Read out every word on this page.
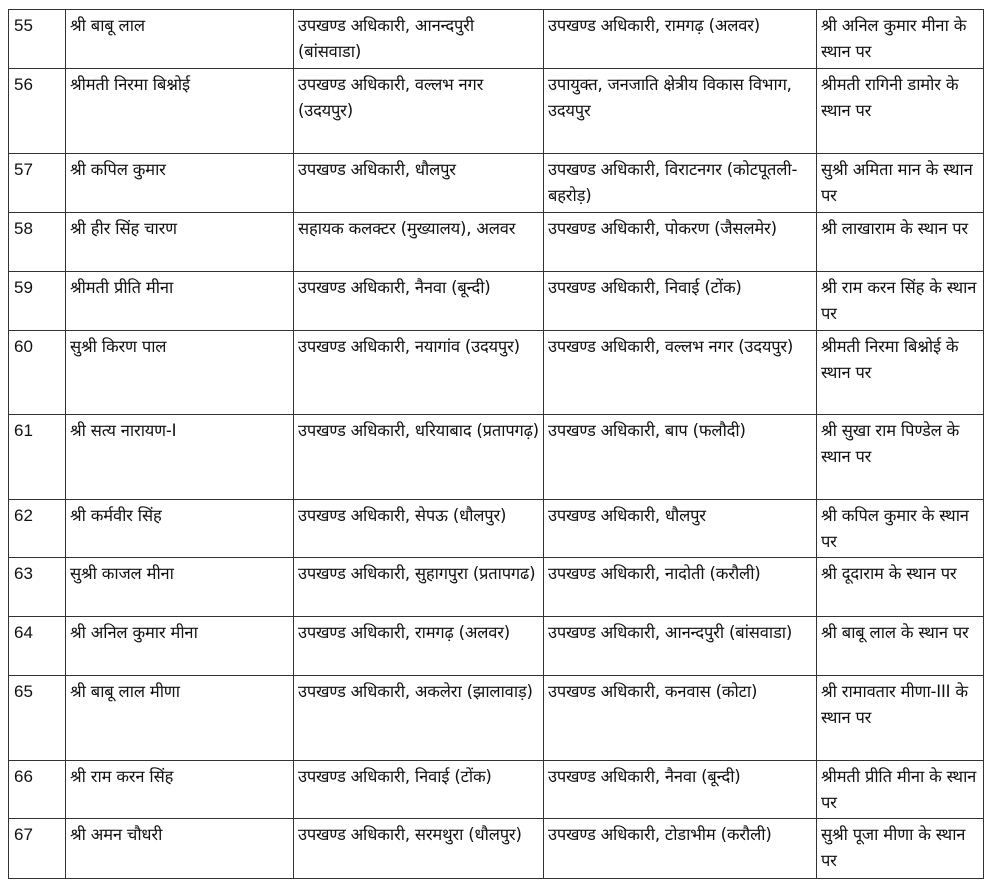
55	श्री बाबू लाल	उपखण्ड अधिकारी, आनन्दपुरी (बांसवाडा)	उपखण्ड अधिकारी, रामगढ़ (अलवर)	श्री अनिल कुमार मीना के स्थान पर
56	श्रीमती निरमा बिश्नोई	उपखण्ड अधिकारी, वल्लभ नगर (उदयपुर)	उपायुक्त, जनजाति क्षेत्रीय विकास विभाग, उदयपुर	श्रीमती रागिनी डामोर के स्थान पर
57	श्री कपिल कुमार	उपखण्ड अधिकारी, धौलपुर	उपखण्ड अधिकारी, विराटनगर (कोटपूतली-बहरोड़)	सुश्री अमिता मान के स्थान पर
58	श्री हीर सिंह चारण	सहायक कलक्टर (मुख्यालय), अलवर	उपखण्ड अधिकारी, पोकरण (जैसलमेर)	श्री लाखाराम के स्थान पर
59	श्रीमती प्रीति मीना	उपखण्ड अधिकारी, नैनवा (बून्दी)	उपखण्ड अधिकारी, निवाई (टोंक)	श्री राम करन सिंह के स्थान पर
60	सुश्री किरण पाल	उपखण्ड अधिकारी, नयागांव (उदयपुर)	उपखण्ड अधिकारी, वल्लभ नगर (उदयपुर)	श्रीमती निरमा बिश्नोई के स्थान पर
61	श्री सत्य नारायण-I	उपखण्ड अधिकारी, धरियाबाद (प्रतापगढ़)	उपखण्ड अधिकारी, बाप (फलौदी)	श्री सुखा राम पिण्डेल के स्थान पर
62	श्री कर्मवीर सिंह	उपखण्ड अधिकारी, सेपऊ (धौलपुर)	उपखण्ड अधिकारी, धौलपुर	श्री कपिल कुमार के स्थान पर
63	सुश्री काजल मीना	उपखण्ड अधिकारी, सुहागपुरा (प्रतापगढ)	उपखण्ड अधिकारी, नादोती (करौली)	श्री दूदाराम के स्थान पर
64	श्री अनिल कुमार मीना	उपखण्ड अधिकारी, रामगढ़ (अलवर)	उपखण्ड अधिकारी, आनन्दपुरी (बांसवाडा)	श्री बाबू लाल के स्थान पर
65	श्री बाबू लाल मीणा	उपखण्ड अधिकारी, अकलेरा (झालावाड़)	उपखण्ड अधिकारी, कनवास (कोटा)	श्री रामावतार मीणा-III के स्थान पर
66	श्री राम करन सिंह	उपखण्ड अधिकारी, निवाई (टोंक)	उपखण्ड अधिकारी, नैनवा (बून्दी)	श्रीमती प्रीति मीना के स्थान पर
67	श्री अमन चौधरी	उपखण्ड अधिकारी, सरमथुरा (धौलपुर)	उपखण्ड अधिकारी, टोडाभीम (करौली)	सुश्री पूजा मीणा के स्थान पर
